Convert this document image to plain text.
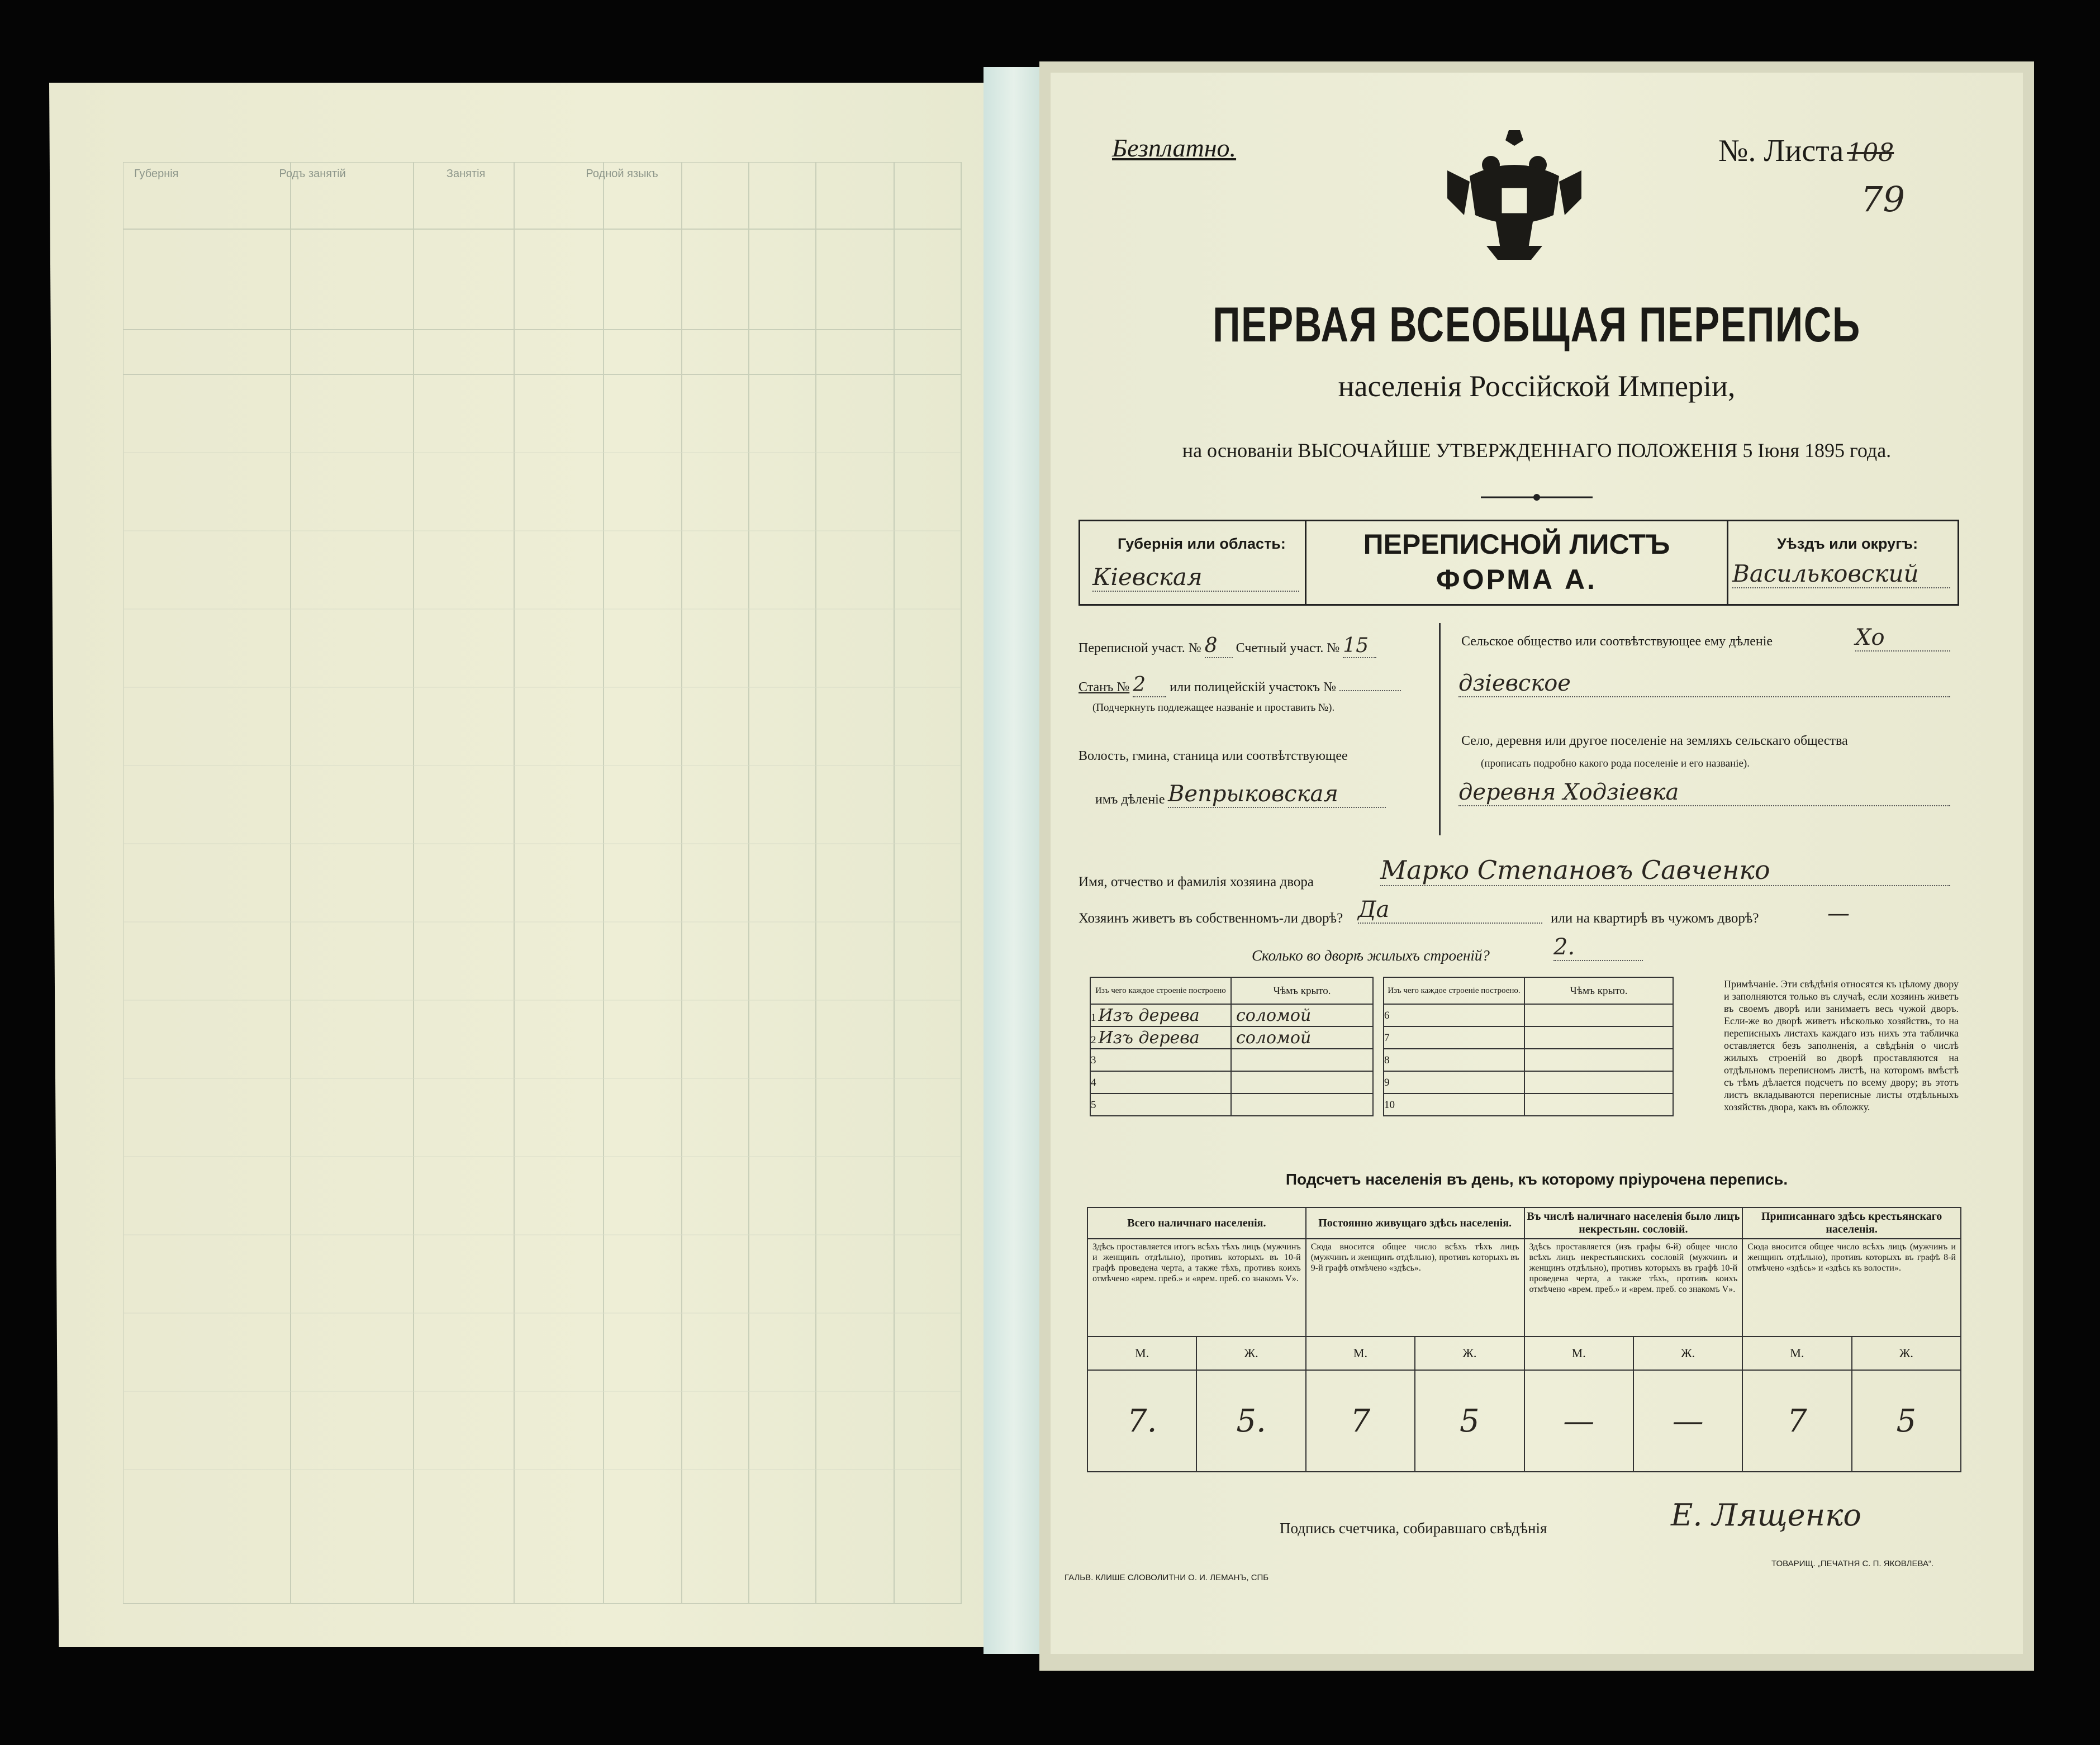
Губернія	Родъ занятій	Занятія	Родной языкъ
Безплатно.	№. Листа 108
79
ПЕРВАЯ ВСЕОБЩАЯ ПЕРЕПИСЬ
населенія Россійской Имперіи,
на основаніи ВЫСОЧАЙШЕ УТВЕРЖДЕННАГО ПОЛОЖЕНІЯ 5 Іюня 1895 года.
Губернія или область:
Кіевская
ПЕРЕПИСНОЙ ЛИСТЪ
ФОРМА А.
Уѣздъ или округъ:
Васильковский
Переписной участ. № 8 Счетный участ. № 15
Станъ № 2 или полицейскій участокъ №
(Подчеркнуть подлежащее названіе и проставить №).
Волость, гмина, станица или соотвѣтствующее
имъ дѣленіе Вепрыковская
Сельское общество или соотвѣтствующее ему дѣленіе	Хо
дзіевское
Село, деревня или другое поселеніе на земляхъ сельскаго общества
(прописать подробно какого рода поселеніе и его названіе).
деревня Ходзіевка
Имя, отчество и фамилія хозяина двора	Марко Степановъ Савченко
Хозяинъ живетъ въ собственномъ-ли дворѣ? Да	или на квартирѣ въ чужомъ дворѣ?	—
Сколько во дворѣ жилыхъ строеній?	2.
Изъ чего каждое строеніе построено	Чѣмъ крыто.
1 Изъ дерева	соломой
2 Изъ дерева	соломой
3	
4	
5	
Изъ чего каждое строеніе построено.	Чѣмъ крыто.
6	
7	
8	
9	
10	
Примѣчаніе. Эти свѣдѣнія относятся къ цѣлому двору и заполняются только въ случаѣ, если хозяинъ живетъ въ своемъ дворѣ или занимаетъ весь чужой дворъ. Если-же во дворѣ живетъ нѣсколько хозяйствъ, то на переписныхъ листахъ каждаго изъ нихъ эта табличка оставляется безъ заполненія, а свѣдѣнія о числѣ жилыхъ строеній во дворѣ проставляются на отдѣльномъ переписномъ листѣ, на которомъ вмѣстѣ съ тѣмъ дѣлается подсчетъ по всему двору; въ этотъ листъ вкладываются переписные листы отдѣльныхъ хозяйствъ двора, какъ въ обложку.
Подсчетъ населенія въ день, къ которому пріурочена перепись.
Всего наличнаго населенія.		Постоянно живущаго здѣсь населенія.		Въ числѣ наличнаго населенія было лицъ некрестьян. сословій.		Приписаннаго здѣсь крестьянскаго населенія.	
Здѣсь проставляется итогъ всѣхъ тѣхъ лицъ (мужчинъ и женщинъ отдѣльно), противъ которыхъ въ 10-й графѣ проведена черта, а также тѣхъ, противъ коихъ отмѣчено «врем. преб.» и «врем. преб. со знакомъ V».		Сюда вносится общее число всѣхъ тѣхъ лицъ (мужчинъ и женщинъ отдѣльно), противъ которыхъ въ 9-й графѣ отмѣчено «здѣсь».		Здѣсь проставляется (изъ графы 6-й) общее число всѣхъ лицъ некрестьянскихъ сословій (мужчинъ и женщинъ отдѣльно), противъ которыхъ въ графѣ 10-й проведена черта, а также тѣхъ, противъ коихъ отмѣчено «врем. преб.» и «врем. преб. со знакомъ V».		Сюда вносится общее число всѣхъ лицъ (мужчинъ и женщинъ отдѣльно), противъ которыхъ въ графѣ 8-й отмѣчено «здѣсь» и «здѣсь къ волости».	
М.	Ж.	М.	Ж.	М.	Ж.	М.	Ж.
7.	5.	7	5	—	—	7	5
Подпись счетчика, собиравшаго свѣдѣнія	Е. Лященко
ГАЛЬВ. КЛИШЕ СЛОВОЛИТНИ О. И. ЛЕМАНЪ, СПБ
ТОВАРИЩ. „ПЕЧАТНЯ С. П. ЯКОВЛЕВА“.
